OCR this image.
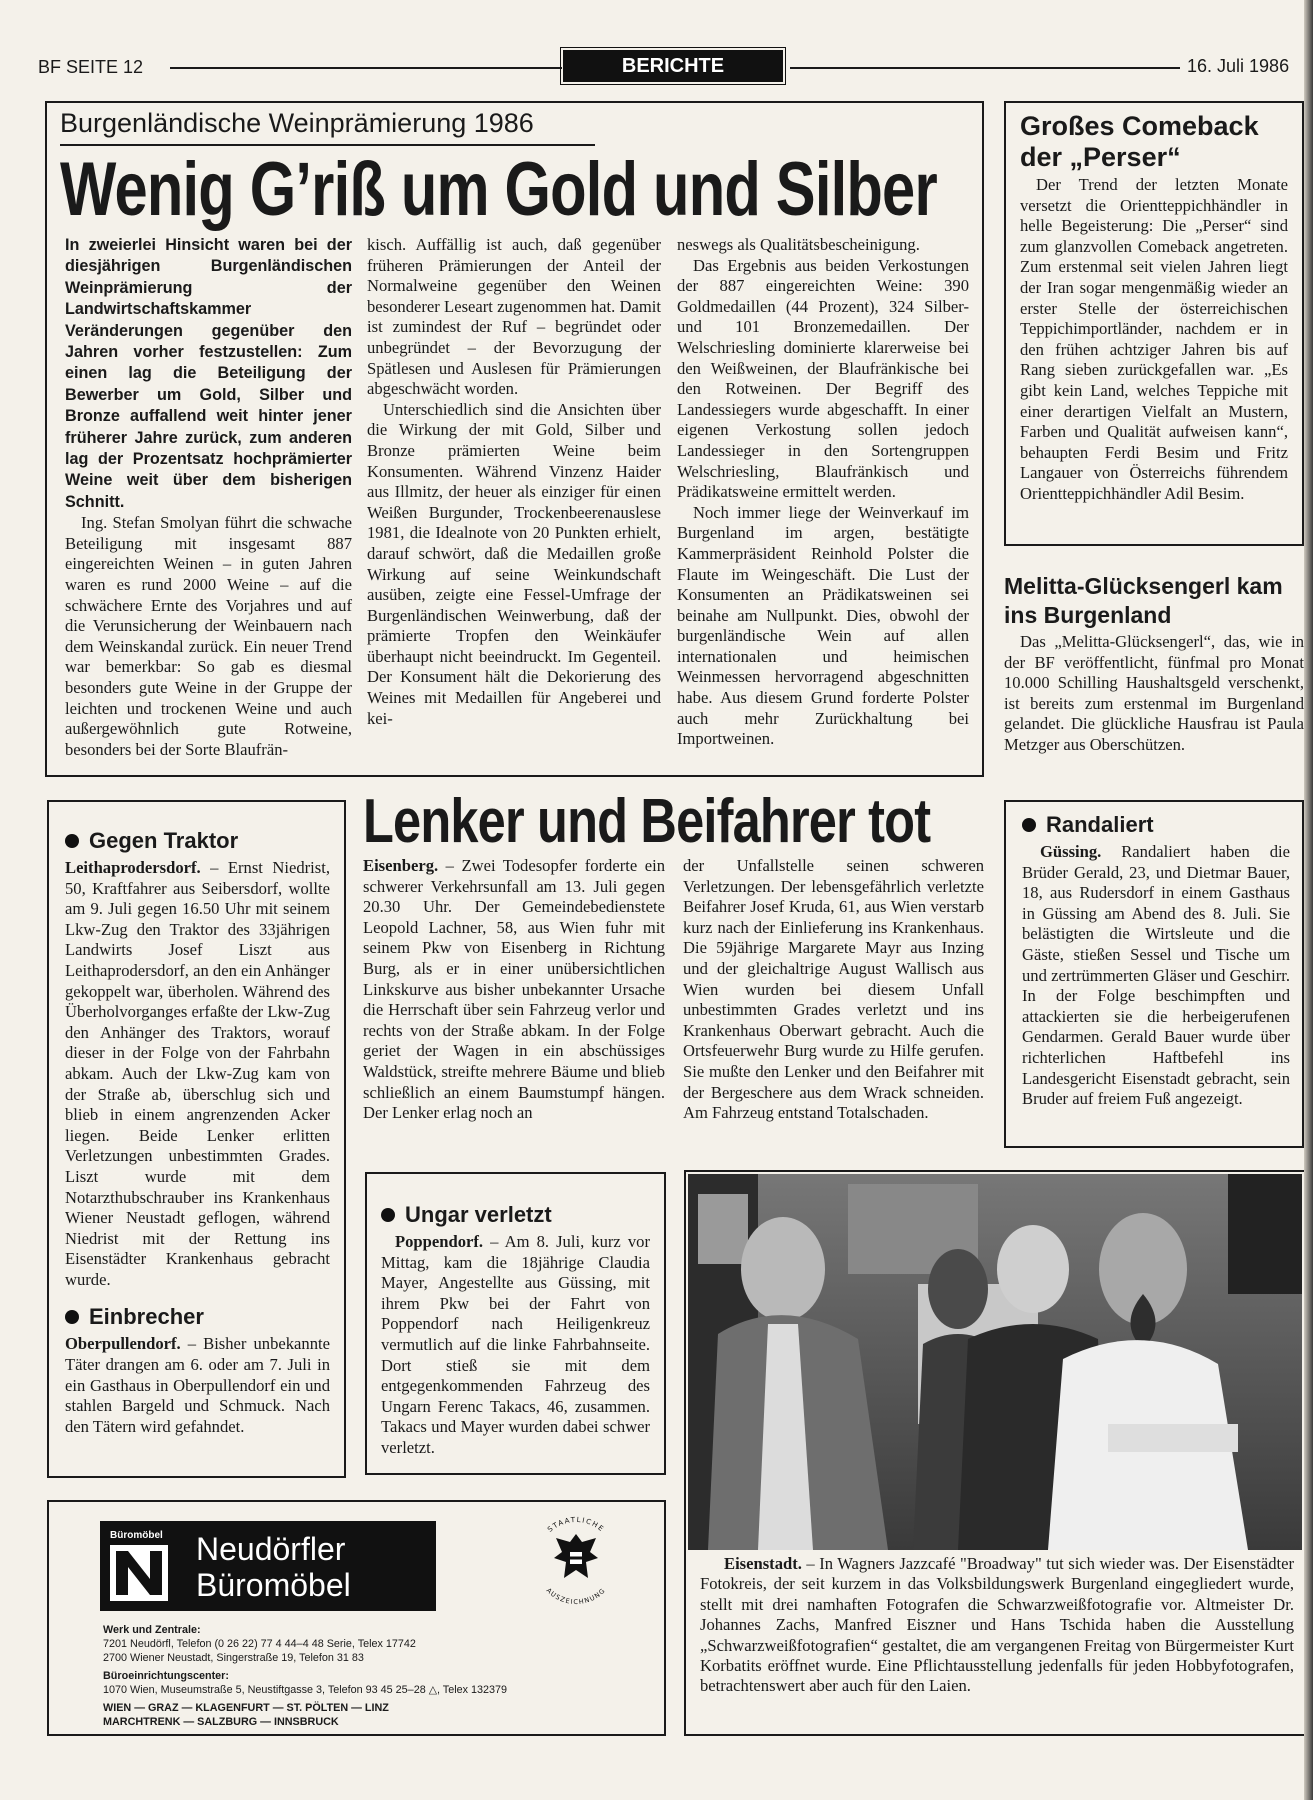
BF SEITE 12	BERICHTE	16. Juli 1986
Burgenländische Weinprämierung 1986
Wenig G’riß um Gold und Silber

In zweierlei Hinsicht waren bei der diesjährigen Burgenländischen Weinprämierung der Landwirtschaftskammer Veränderungen gegenüber den Jahren vorher festzustellen: Zum einen lag die Beteiligung der Bewerber um Gold, Silber und Bronze auffallend weit hinter jener früherer Jahre zurück, zum anderen lag der Prozentsatz hochprämierter Weine weit über dem bisherigen Schnitt.

Ing. Stefan Smolyan führt die schwache Beteiligung mit insgesamt 887 eingereichten Weinen – in guten Jahren waren es rund 2000 Weine – auf die schwächere Ernte des Vorjahres und auf die Verunsicherung der Weinbauern nach dem Weinskandal zurück. Ein neuer Trend war bemerkbar: So gab es diesmal besonders gute Weine in der Gruppe der leichten und trockenen Weine und auch außergewöhnlich gute Rotweine, besonders bei der Sorte Blaufrän-

kisch. Auffällig ist auch, daß gegenüber früheren Prämierungen der Anteil der Normalweine gegenüber den Weinen besonderer Leseart zugenommen hat. Damit ist zumindest der Ruf – begründet oder unbegründet – der Bevorzugung der Spätlesen und Auslesen für Prämierungen abgeschwächt worden.

Unterschiedlich sind die Ansichten über die Wirkung der mit Gold, Silber und Bronze prämierten Weine beim Konsumenten. Während Vinzenz Haider aus Illmitz, der heuer als einziger für einen Weißen Burgunder, Trockenbeerenauslese 1981, die Idealnote von 20 Punkten erhielt, darauf schwört, daß die Medaillen große Wirkung auf seine Weinkundschaft ausüben, zeigte eine Fessel-Umfrage der Burgenländischen Weinwerbung, daß der prämierte Tropfen den Weinkäufer überhaupt nicht beeindruckt. Im Gegenteil. Der Konsument hält die Dekorierung des Weines mit Medaillen für Angeberei und kei-

neswegs als Qualitätsbescheinigung.

Das Ergebnis aus beiden Verkostungen der 887 eingereichten Weine: 390 Goldmedaillen (44 Prozent), 324 Silber- und 101 Bronzemedaillen. Der Welschriesling dominierte klarerweise bei den Weißweinen, der Blaufränkische bei den Rotweinen. Der Begriff des Landessiegers wurde abgeschafft. In einer eigenen Verkostung sollen jedoch Landessieger in den Sortengruppen Welschriesling, Blaufränkisch und Prädikatsweine ermittelt werden.

Noch immer liege der Weinverkauf im Burgenland im argen, bestätigte Kammerpräsident Reinhold Polster die Flaute im Weingeschäft. Die Lust der Konsumenten an Prädikatsweinen sei beinahe am Nullpunkt. Dies, obwohl der burgenländische Wein auf allen internationalen und heimischen Weinmessen hervorragend abgeschnitten habe. Aus diesem Grund forderte Polster auch mehr Zurückhaltung bei Importweinen.

Großes Comeback der „Perser“

Der Trend der letzten Monate versetzt die Orientteppichhändler in helle Begeisterung: Die „Perser“ sind zum glanzvollen Comeback angetreten. Zum erstenmal seit vielen Jahren liegt der Iran sogar mengenmäßig wieder an erster Stelle der österreichischen Teppichimportländer, nachdem er in den frühen achtziger Jahren bis auf Rang sieben zurückgefallen war. „Es gibt kein Land, welches Teppiche mit einer derartigen Vielfalt an Mustern, Farben und Qualität aufweisen kann“, behaupten Ferdi Besim und Fritz Langauer von Österreichs führendem Orientteppichhändler Adil Besim.

Melitta-Glücksengerl kam ins Burgenland

Das „Melitta-Glücksengerl“, das, wie in der BF veröffentlicht, fünfmal pro Monat 10.000 Schilling Haushaltsgeld verschenkt, ist bereits zum erstenmal im Burgenland gelandet. Die glückliche Hausfrau ist Paula Metzger aus Oberschützen.

Gegen Traktor

Leithaprodersdorf. – Ernst Niedrist, 50, Kraftfahrer aus Seibersdorf, wollte am 9. Juli gegen 16.50 Uhr mit seinem Lkw-Zug den Traktor des 33jährigen Landwirts Josef Liszt aus Leithaprodersdorf, an den ein Anhänger gekoppelt war, überholen. Während des Überholvorganges erfaßte der Lkw-Zug den Anhänger des Traktors, worauf dieser in der Folge von der Fahrbahn abkam. Auch der Lkw-Zug kam von der Straße ab, überschlug sich und blieb in einem angrenzenden Acker liegen. Beide Lenker erlitten Verletzungen unbestimmten Grades. Liszt wurde mit dem Notarzthubschrauber ins Krankenhaus Wiener Neustadt geflogen, während Niedrist mit der Rettung ins Eisenstädter Krankenhaus gebracht wurde.

Einbrecher

Oberpullendorf. – Bisher unbekannte Täter drangen am 6. oder am 7. Juli in ein Gasthaus in Oberpullendorf ein und stahlen Bargeld und Schmuck. Nach den Tätern wird gefahndet.

Lenker und Beifahrer tot

Eisenberg. – Zwei Todesopfer forderte ein schwerer Verkehrsunfall am 13. Juli gegen 20.30 Uhr. Der Gemeindebedienstete Leopold Lachner, 58, aus Wien fuhr mit seinem Pkw von Eisenberg in Richtung Burg, als er in einer unübersichtlichen Linkskurve aus bisher unbekannter Ursache die Herrschaft über sein Fahrzeug verlor und rechts von der Straße abkam. In der Folge geriet der Wagen in ein abschüssiges Waldstück, streifte mehrere Bäume und blieb schließlich an einem Baumstumpf hängen. Der Lenker erlag noch an

der Unfallstelle seinen schweren Verletzungen. Der lebensgefährlich verletzte Beifahrer Josef Kruda, 61, aus Wien verstarb kurz nach der Einlieferung ins Krankenhaus. Die 59jährige Margarete Mayr aus Inzing und der gleichaltrige August Wallisch aus Wien wurden bei diesem Unfall unbestimmten Grades verletzt und ins Krankenhaus Oberwart gebracht. Auch die Ortsfeuerwehr Burg wurde zu Hilfe gerufen. Sie mußte den Lenker und den Beifahrer mit der Bergeschere aus dem Wrack schneiden. Am Fahrzeug entstand Totalschaden.

Randaliert

Güssing. Randaliert haben die Brüder Gerald, 23, und Dietmar Bauer, 18, aus Rudersdorf in einem Gasthaus in Güssing am Abend des 8. Juli. Sie belästigten die Wirtsleute und die Gäste, stießen Sessel und Tische um und zertrümmerten Gläser und Geschirr. In der Folge beschimpften und attackierten sie die herbeigerufenen Gendarmen. Gerald Bauer wurde über richterlichen Haftbefehl ins Landesgericht Eisenstadt gebracht, sein Bruder auf freiem Fuß angezeigt.

Ungar verletzt

Poppendorf. – Am 8. Juli, kurz vor Mittag, kam die 18jährige Claudia Mayer, Angestellte aus Güssing, mit ihrem Pkw bei der Fahrt von Poppendorf nach Heiligenkreuz vermutlich auf die linke Fahrbahnseite. Dort stieß sie mit dem entgegenkommenden Fahrzeug des Ungarn Ferenc Takacs, 46, zusammen. Takacs und Mayer wurden dabei schwer verletzt.

Eisenstadt. – In Wagners Jazzcafé "Broadway" tut sich wieder was. Der Eisenstädter Fotokreis, der seit kurzem in das Volksbildungswerk Burgenland eingegliedert wurde, stellt mit drei namhaften Fotografen die Schwarzweißfotografie vor. Altmeister Dr. Johannes Zachs, Manfred Eiszner und Hans Tschida haben die Ausstellung „Schwarzweißfotografien“ gestaltet, die am vergangenen Freitag von Bürgermeister Kurt Korbatits eröffnet wurde. Eine Pflichtausstellung jedenfalls für jeden Hobbyfotografen, betrachtenswert aber auch für den Laien.

Büromöbel Neudörfler
Büromöbel
STAATLICHE
AUSZEICHNUNG
Werk und Zentrale:
7201 Neudörfl, Telefon (0 26 22) 77 4 44–4 48 Serie, Telex 17742
2700 Wiener Neustadt, Singerstraße 19, Telefon 31 83
Büroeinrichtungscenter:
1070 Wien, Museumstraße 5, Neustiftgasse 3, Telefon 93 45 25–28 △, Telex 132379
WIEN — GRAZ — KLAGENFURT — ST. PÖLTEN — LINZ
MARCHTRENK — SALZBURG — INNSBRUCK
